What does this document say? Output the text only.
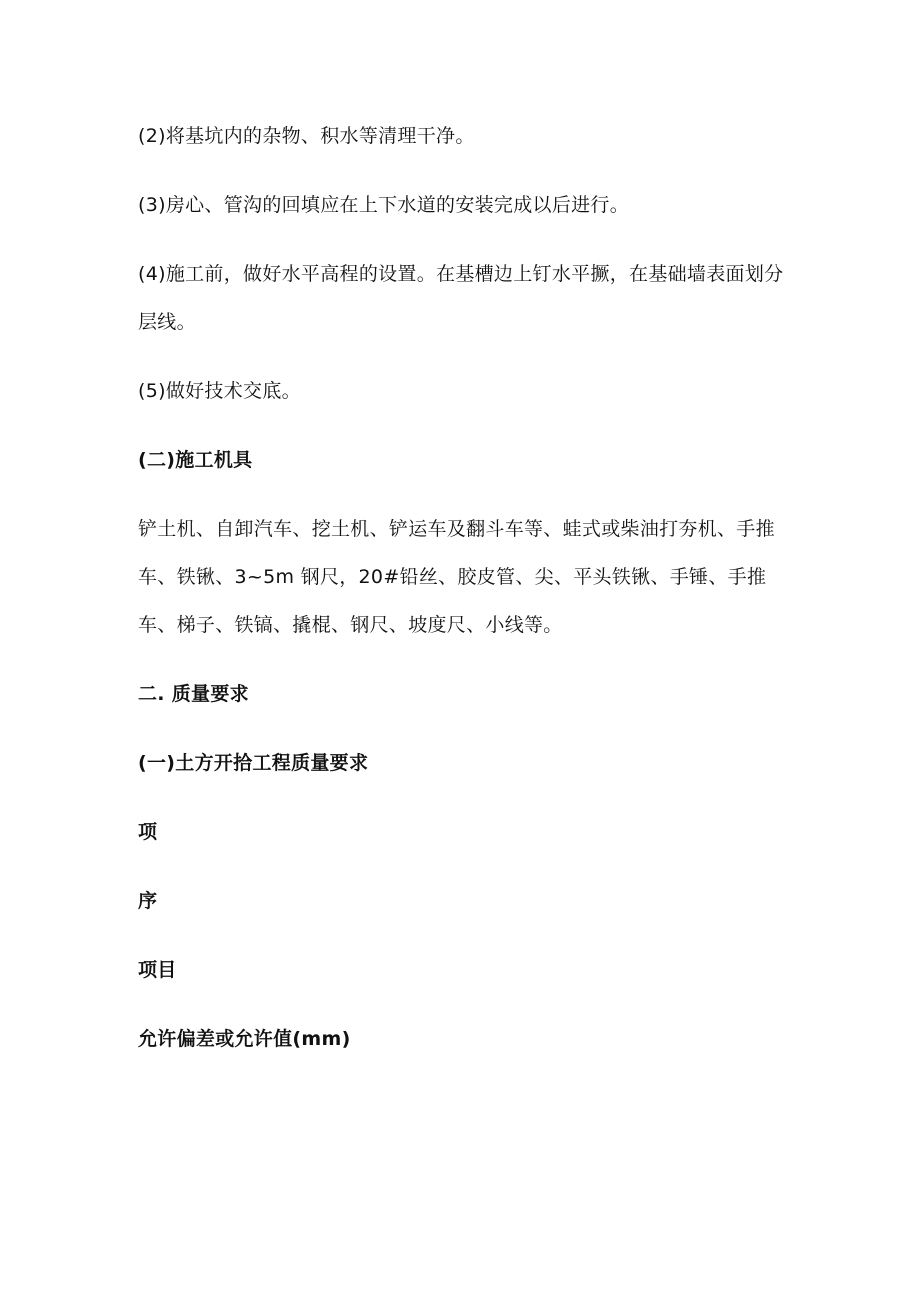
(2)将基坑内的杂物、积水等清理干净。

(3)房心、管沟的回填应在上下水道的安装完成以后进行。

(4)施工前，做好水平高程的设置。在基槽边上钉水平撅，在基础墙表面划分层线。

(5)做好技术交底。

(二)施工机具

铲土机、自卸汽车、挖土机、铲运车及翻斗车等、蛙式或柴油打夯机、手推车、铁锹、3~5m 钢尺，20#铅丝、胶皮管、尖、平头铁锹、手锤、手推车、梯子、铁镐、撬棍、钢尺、坡度尺、小线等。

二. 质量要求

(一)土方开拾工程质量要求

项

序

项目

允许偏差或允许值(mm)
